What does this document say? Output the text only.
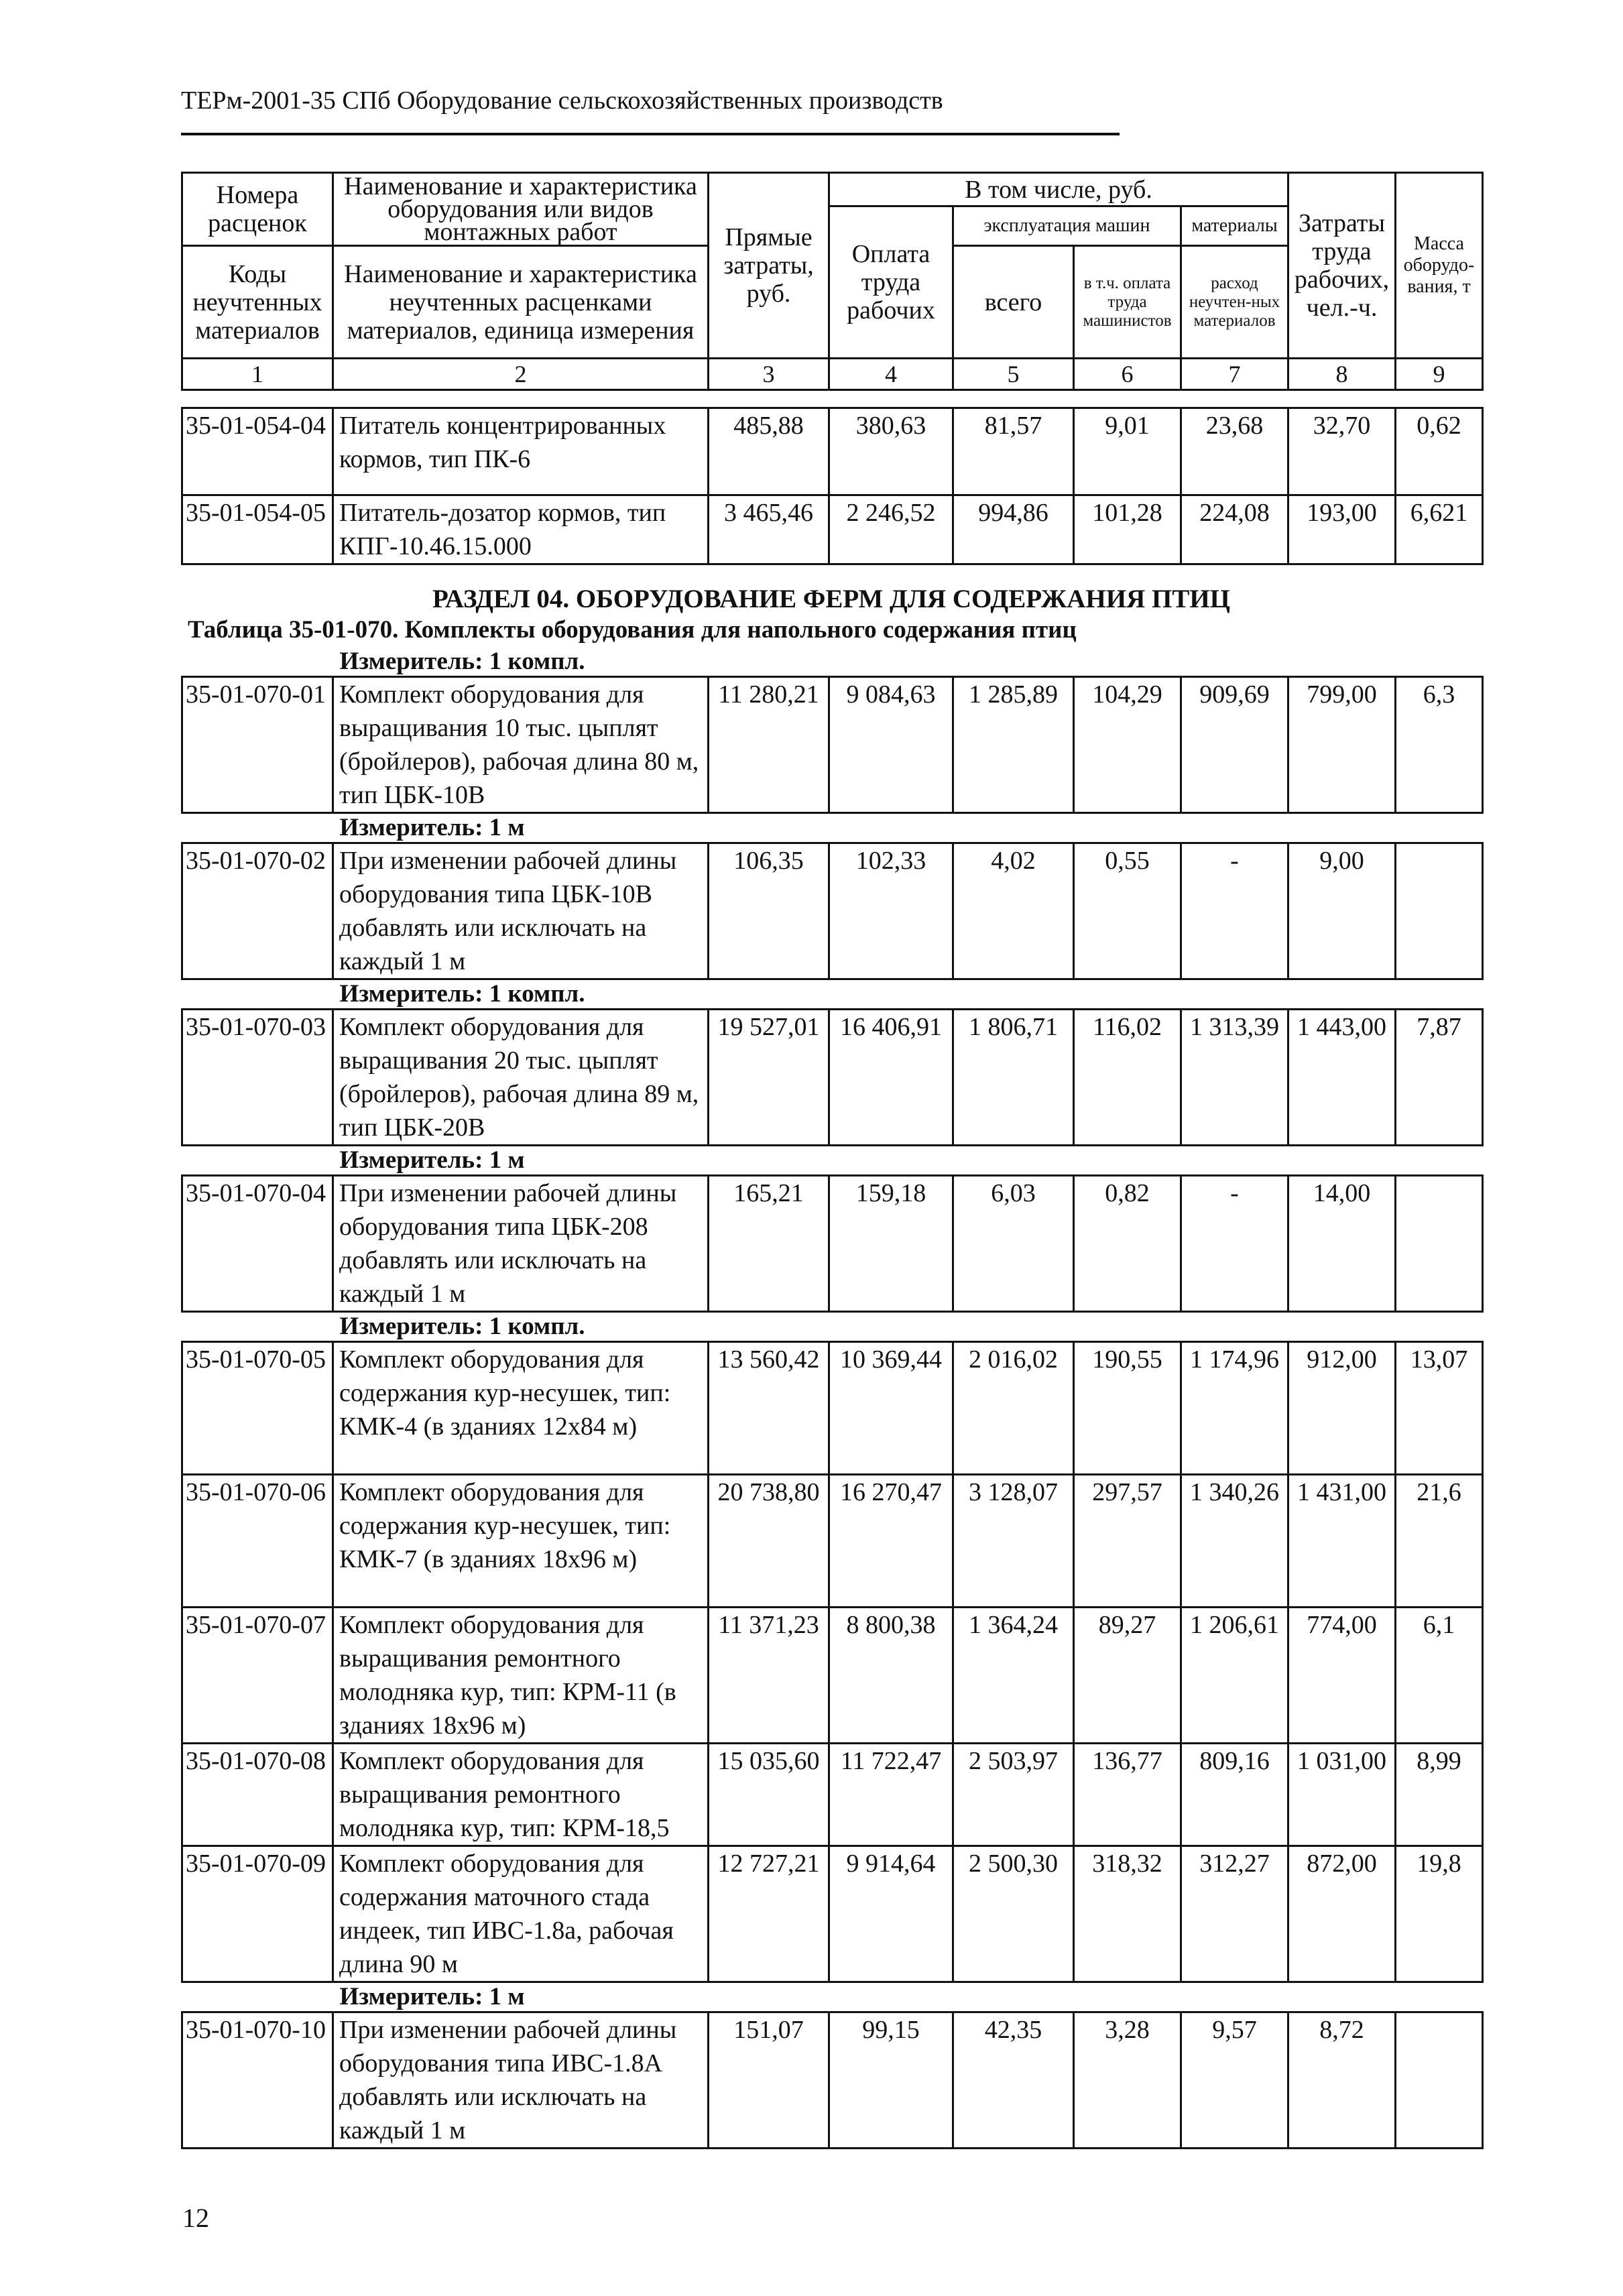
ТЕРм-2001-35 СПб Оборудование сельскохозяйственных производств
Номера расценок	Наименование и характеристика оборудования или видов монтажных работ	Прямые затраты, руб.	В том числе, руб.				Затраты труда рабочих, чел.-ч.	Масса оборудо-вания, т
			Оплата труда рабочих	эксплуатация машин		материалы		
Коды неучтенных материалов	Наименование и характеристика неучтенных расценками материалов, единица измерения			всего	в т.ч. оплата труда машинистов	расход неучтен-ных материалов		
1	2	3	4	5	6	7	8	9

35-01-054-04	Питатель концентрированных кормов, тип ПК-6	485,88	380,63	81,57	9,01	23,68	32,70	0,62
35-01-054-05	Питатель-дозатор кормов, тип КПГ-10.46.15.000	3 465,46	2 246,52	994,86	101,28	224,08	193,00	6,621
РАЗДЕЛ 04. ОБОРУДОВАНИЕ ФЕРМ ДЛЯ СОДЕРЖАНИЯ ПТИЦ
Таблица 35-01-070. Комплекты оборудования для напольного содержания птиц
Измеритель: 1 компл.								
35-01-070-01	Комплект оборудования для выращивания 10 тыс. цыплят (бройлеров), рабочая длина 80 м, тип ЦБК-10В	11 280,21	9 084,63	1 285,89	104,29	909,69	799,00	6,3
Измеритель: 1 м								
35-01-070-02	При изменении рабочей длины оборудования типа ЦБК-10В добавлять или исключать на каждый 1 м	106,35	102,33	4,02	0,55	-	9,00	
Измеритель: 1 компл.								
35-01-070-03	Комплект оборудования для выращивания 20 тыс. цыплят (бройлеров), рабочая длина 89 м, тип ЦБК-20В	19 527,01	16 406,91	1 806,71	116,02	1 313,39	1 443,00	7,87
Измеритель: 1 м								
35-01-070-04	При изменении рабочей длины оборудования типа ЦБК-208 добавлять или исключать на каждый 1 м	165,21	159,18	6,03	0,82	-	14,00	
Измеритель: 1 компл.								
35-01-070-05	Комплект оборудования для содержания кур-несушек, тип: КМК-4 (в зданиях 12х84 м)	13 560,42	10 369,44	2 016,02	190,55	1 174,96	912,00	13,07
35-01-070-06	Комплект оборудования для содержания кур-несушек, тип: КМК-7 (в зданиях 18х96 м)	20 738,80	16 270,47	3 128,07	297,57	1 340,26	1 431,00	21,6
35-01-070-07	Комплект оборудования для выращивания ремонтного молодняка кур, тип: КРМ-11 (в зданиях 18х96 м)	11 371,23	8 800,38	1 364,24	89,27	1 206,61	774,00	6,1
35-01-070-08	Комплект оборудования для выращивания ремонтного молодняка кур, тип: КРМ-18,5	15 035,60	11 722,47	2 503,97	136,77	809,16	1 031,00	8,99
35-01-070-09	Комплект оборудования для содержания маточного стада индеек, тип ИВС-1.8а, рабочая длина 90 м	12 727,21	9 914,64	2 500,30	318,32	312,27	872,00	19,8
Измеритель: 1 м								
35-01-070-10	При изменении рабочей длины оборудования типа ИВС-1.8А добавлять или исключать на каждый 1 м	151,07	99,15	42,35	3,28	9,57	8,72	
12
